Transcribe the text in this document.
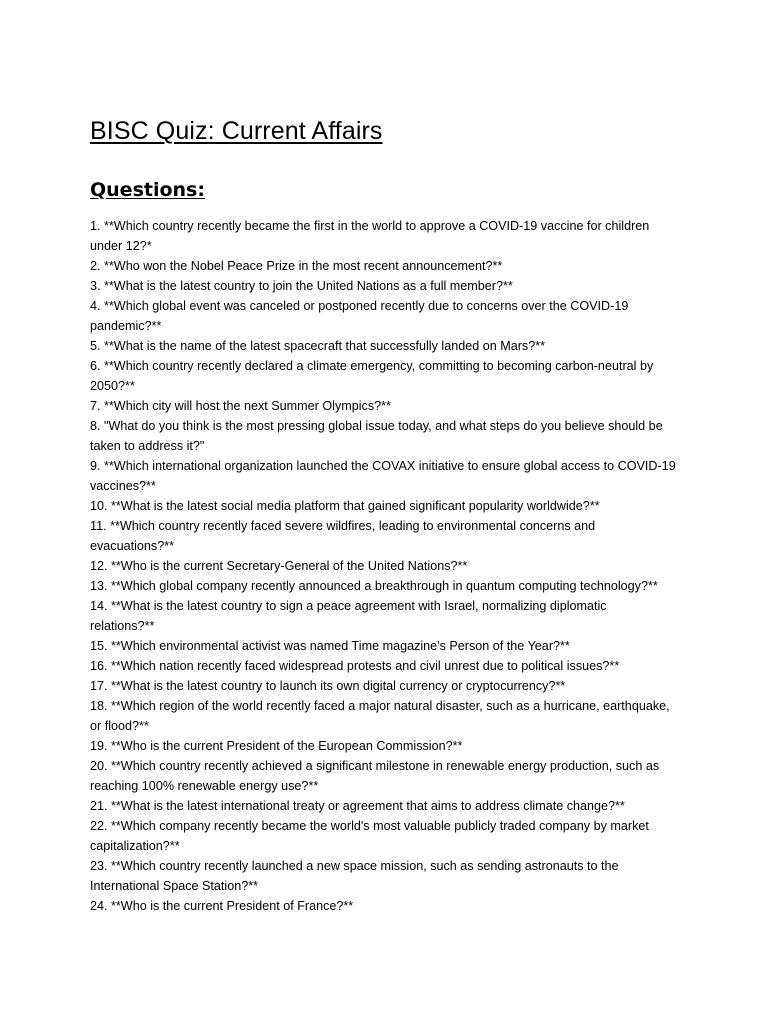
BISC Quiz: Current Affairs
Questions:
1. **Which country recently became the first in the world to approve a COVID-19 vaccine for children
under 12?*
2. **Who won the Nobel Peace Prize in the most recent announcement?**
3. **What is the latest country to join the United Nations as a full member?**
4. **Which global event was canceled or postponed recently due to concerns over the COVID-19
pandemic?**
5. **What is the name of the latest spacecraft that successfully landed on Mars?**
6. **Which country recently declared a climate emergency, committing to becoming carbon-neutral by
2050?**
7. **Which city will host the next Summer Olympics?**
8. "What do you think is the most pressing global issue today, and what steps do you believe should be
taken to address it?"
9. **Which international organization launched the COVAX initiative to ensure global access to COVID-19
vaccines?**
10. **What is the latest social media platform that gained significant popularity worldwide?**
11. **Which country recently faced severe wildfires, leading to environmental concerns and
evacuations?**
12. **Who is the current Secretary-General of the United Nations?**
13. **Which global company recently announced a breakthrough in quantum computing technology?**
14. **What is the latest country to sign a peace agreement with Israel, normalizing diplomatic
relations?**
15. **Which environmental activist was named Time magazine's Person of the Year?**
16. **Which nation recently faced widespread protests and civil unrest due to political issues?**
17. **What is the latest country to launch its own digital currency or cryptocurrency?**
18. **Which region of the world recently faced a major natural disaster, such as a hurricane, earthquake,
or flood?**
19. **Who is the current President of the European Commission?**
20. **Which country recently achieved a significant milestone in renewable energy production, such as
reaching 100% renewable energy use?**
21. **What is the latest international treaty or agreement that aims to address climate change?**
22. **Which company recently became the world's most valuable publicly traded company by market
capitalization?**
23. **Which country recently launched a new space mission, such as sending astronauts to the
International Space Station?**
24. **Who is the current President of France?**
